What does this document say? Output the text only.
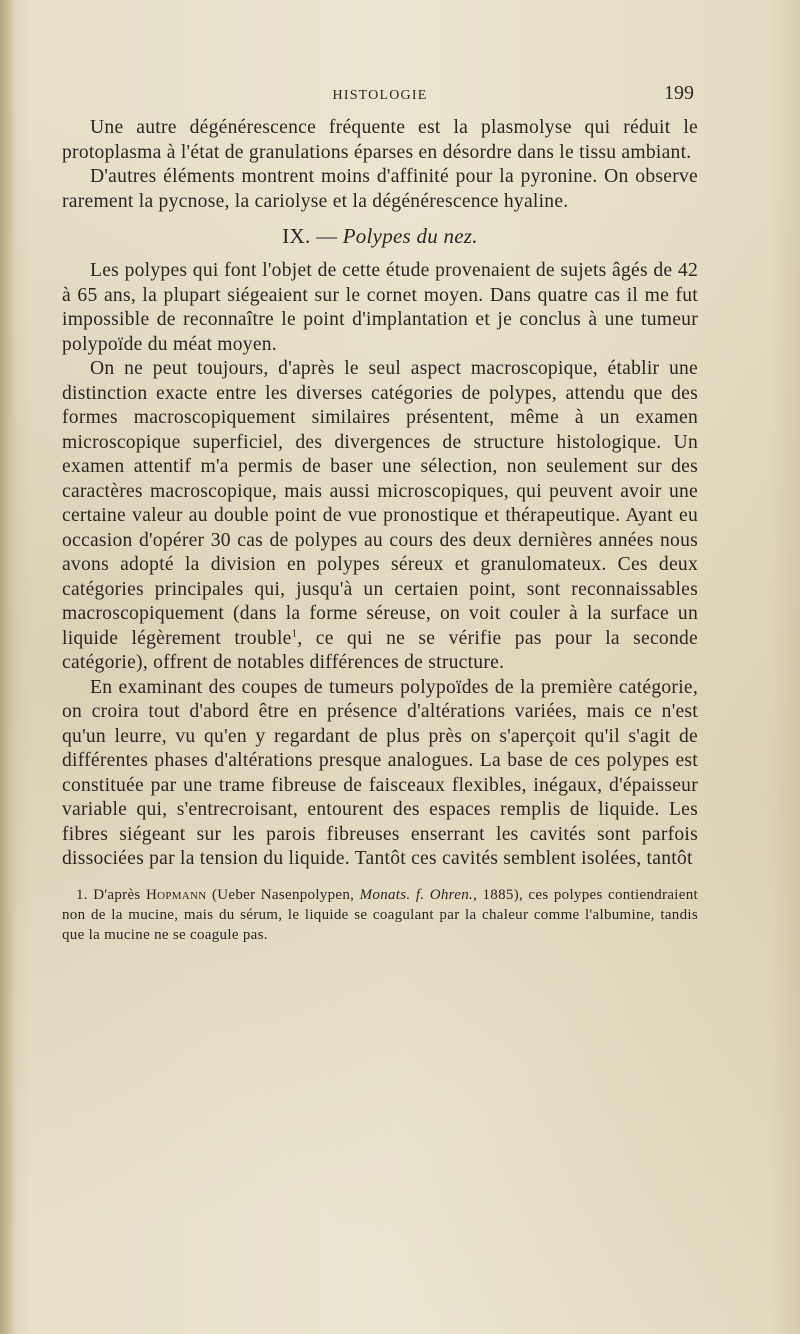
HISTOLOGIE	199

Une autre dégénérescence fréquente est la plasmolyse qui réduit le protoplasma à l'état de granulations éparses en désordre dans le tissu ambiant.

D'autres éléments montrent moins d'affinité pour la pyronine. On observe rarement la pycnose, la cariolyse et la dégénérescence hyaline.

IX. — Polypes du nez.

Les polypes qui font l'objet de cette étude provenaient de sujets âgés de 42 à 65 ans, la plupart siégeaient sur le cornet moyen. Dans quatre cas il me fut impossible de reconnaître le point d'implantation et je conclus à une tumeur polypoïde du méat moyen.

On ne peut toujours, d'après le seul aspect macroscopique, établir une distinction exacte entre les diverses catégories de polypes, attendu que des formes macroscopiquement similaires présentent, même à un examen microscopique superficiel, des divergences de structure histologique. Un examen attentif m'a permis de baser une sélection, non seulement sur des caractères macroscopique, mais aussi microscopiques, qui peuvent avoir une certaine valeur au double point de vue pronostique et thérapeutique. Ayant eu occasion d'opérer 30 cas de polypes au cours des deux dernières années nous avons adopté la division en polypes séreux et granulomateux. Ces deux catégories principales qui, jusqu'à un certaien point, sont reconnaissables macroscopiquement (dans la forme séreuse, on voit couler à la surface un liquide légèrement trouble$^1$, ce qui ne se vérifie pas pour la seconde catégorie), offrent de notables différences de structure.

En examinant des coupes de tumeurs polypoïdes de la première catégorie, on croira tout d'abord être en présence d'altérations variées, mais ce n'est qu'un leurre, vu qu'en y regardant de plus près on s'aperçoit qu'il s'agit de différentes phases d'altérations presque analogues. La base de ces polypes est constituée par une trame fibreuse de faisceaux flexibles, inégaux, d'épaisseur variable qui, s'entrecroisant, entourent des espaces remplis de liquide. Les fibres siégeant sur les parois fibreuses enserrant les cavités sont parfois dissociées par la tension du liquide. Tantôt ces cavités semblent isolées, tantôt

1. D'après Hopmann (Ueber Nasenpolypen, Monats. f. Ohren., 1885), ces polypes contiendraient non de la mucine, mais du sérum, le liquide se coagulant par la chaleur comme l'albumine, tandis que la mucine ne se coagule pas.
